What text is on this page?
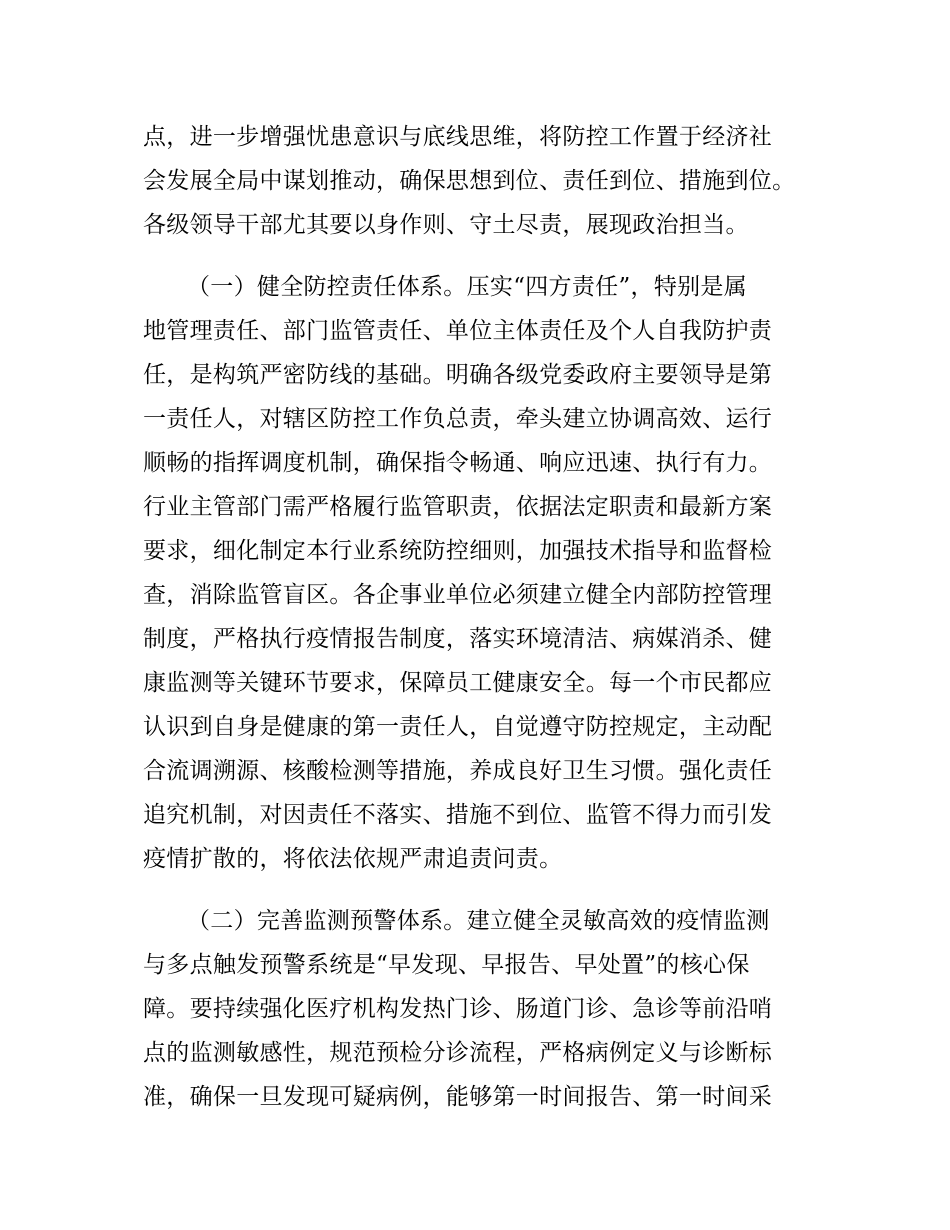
点，进一步增强忧患意识与底线思维，将防控工作置于经济社
会发展全局中谋划推动，确保思想到位、责任到位、措施到位。
各级领导干部尤其要以身作则、守土尽责，展现政治担当。
（一）健全防控责任体系。压实“四方责任”，特别是属
地管理责任、部门监管责任、单位主体责任及个人自我防护责
任，是构筑严密防线的基础。明确各级党委政府主要领导是第
一责任人，对辖区防控工作负总责，牵头建立协调高效、运行
顺畅的指挥调度机制，确保指令畅通、响应迅速、执行有力。
行业主管部门需严格履行监管职责，依据法定职责和最新方案
要求，细化制定本行业系统防控细则，加强技术指导和监督检
查，消除监管盲区。各企事业单位必须建立健全内部防控管理
制度，严格执行疫情报告制度，落实环境清洁、病媒消杀、健
康监测等关键环节要求，保障员工健康安全。每一个市民都应
认识到自身是健康的第一责任人，自觉遵守防控规定，主动配
合流调溯源、核酸检测等措施，养成良好卫生习惯。强化责任
追究机制，对因责任不落实、措施不到位、监管不得力而引发
疫情扩散的，将依法依规严肃追责问责。
（二）完善监测预警体系。建立健全灵敏高效的疫情监测
与多点触发预警系统是“早发现、早报告、早处置”的核心保
障。要持续强化医疗机构发热门诊、肠道门诊、急诊等前沿哨
点的监测敏感性，规范预检分诊流程，严格病例定义与诊断标
准，确保一旦发现可疑病例，能够第一时间报告、第一时间采
